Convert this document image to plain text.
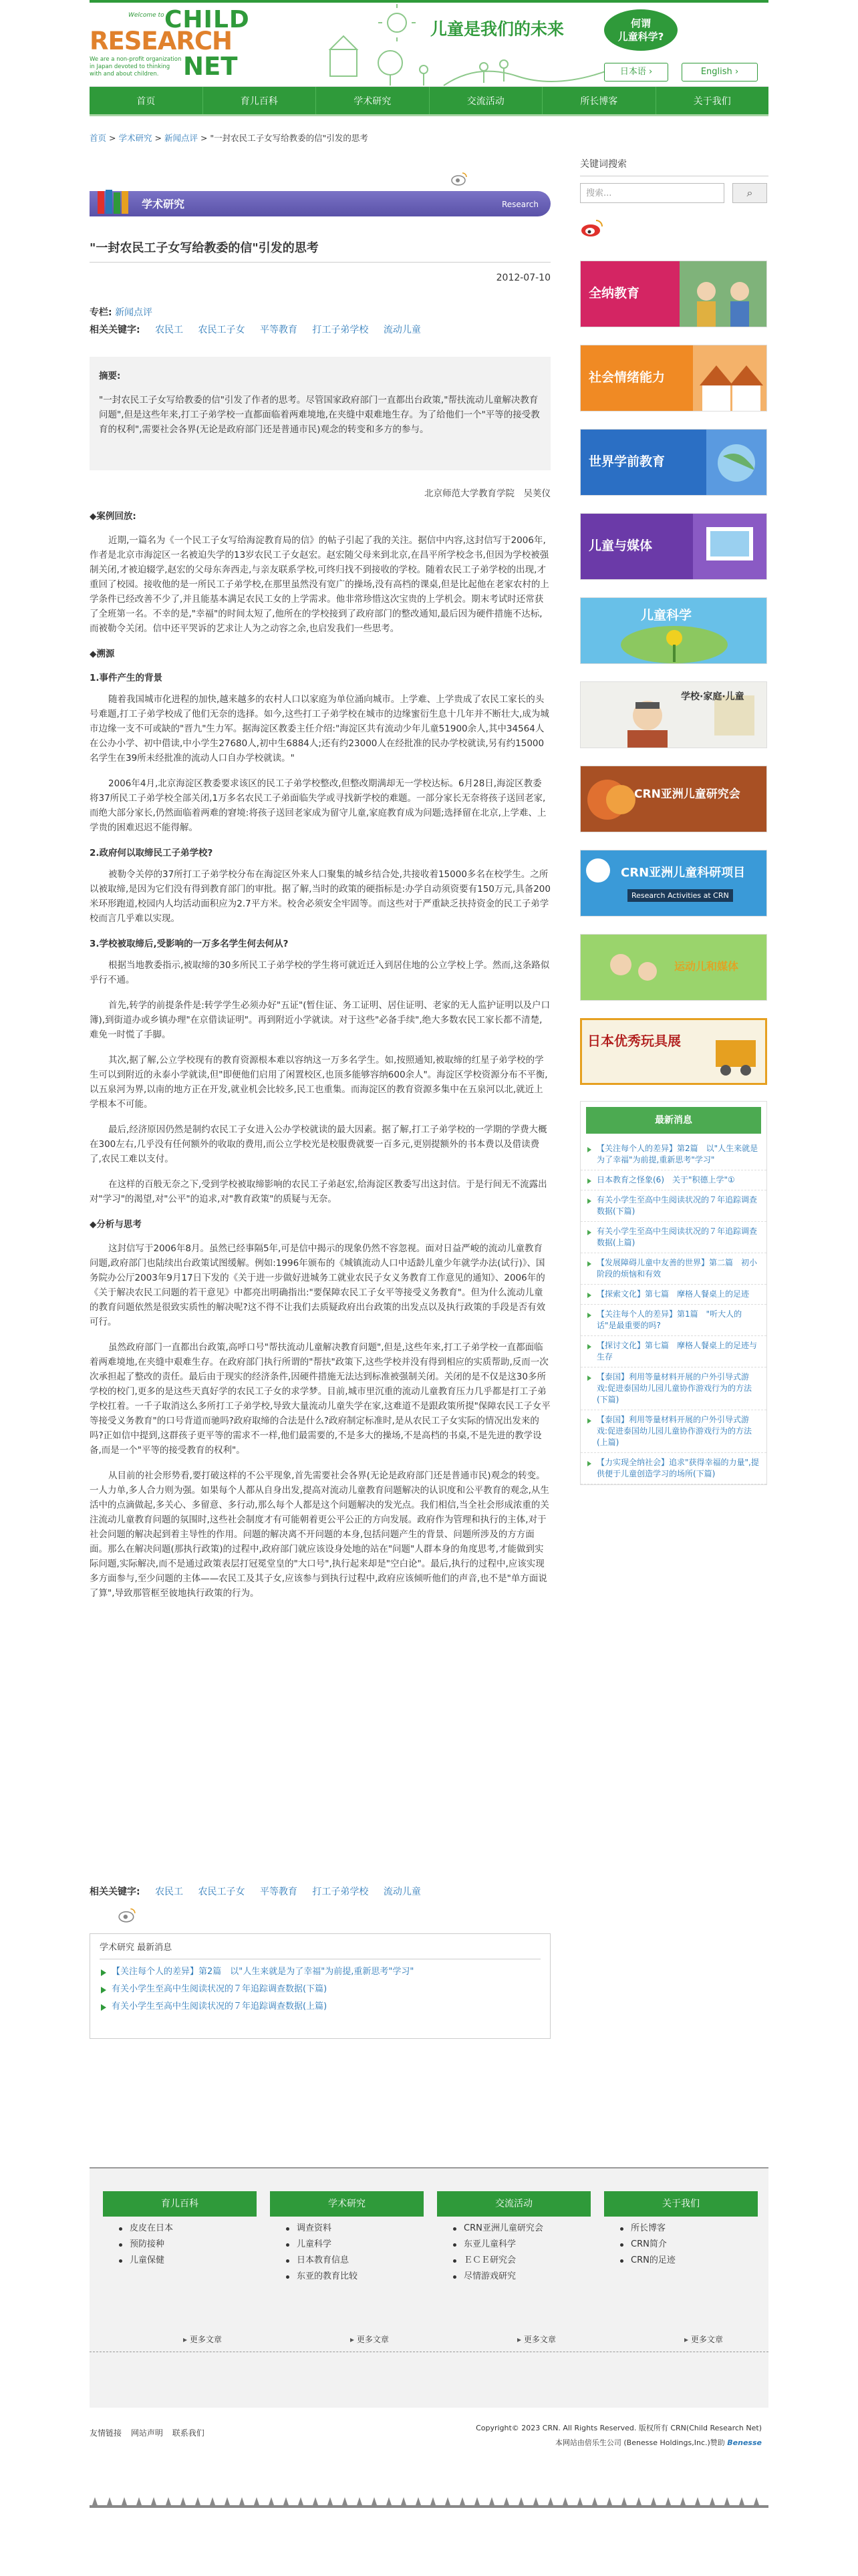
Welcome to CHILD
RESEARCH
NET
We are a non-profit organization in Japan devoted to thinking with and about children.
儿童是我们的未来	何谓
儿童科学?
日本语 ›	English ›
首页	育儿百科	学术研究	交流活动	所长博客	关于我们
首页 > 学术研究 > 新闻点评 > "一封农民工子女写给教委的信"引发的思考
学术研究	Research
"一封农民工子女写给教委的信"引发的思考
2012-07-10
专栏: 新闻点评
相关关键字: 农民工 农民工子女 平等教育 打工子弟学校 流动儿童
摘要:
"一封农民工子女写给教委的信"引发了作者的思考。尽管国家政府部门一直都出台政策,"帮扶流动儿童解决教育问题",但是这些年来,打工子弟学校一直都面临着两难境地,在夹缝中艰难地生存。为了给他们一个"平等的接受教育的权利",需要社会各界(无论是政府部门还是普通市民)观念的转变和多方的参与。
北京师范大学教育学院　吴荚仪

◆案例回放:

近期,一篇名为《一个民工子女写给海淀教育局的信》的帖子引起了我的关注。据信中内容,这封信写于2006年,作者是北京市海淀区一名被迫失学的13岁农民工子女赵宏。赵宏随父母来到北京,在昌平所学校念书,但因为学校被强制关闭,才被迫辍学,赵宏的父母东奔西走,与亲友联系学校,可终归找不到接收的学校。随着农民工子弟学校的出现,才重回了校园。接收他的是一所民工子弟学校,在那里虽然没有宽广的操场,没有高档的课桌,但是比起他在老家农村的上学条件已经改善不少了,并且能基本满足农民工女的上学需求。他非常珍惜这次宝贵的上学机会。期末考试时还常获了全班第一名。不幸的是,"幸福"的时间太短了,他所在的学校接到了政府部门的整改通知,最后因为硬件措施不达标,而被勒令关闭。信中还平哭诉的艺求让人为之动容之余,也启发我们一些思考。

◆溯源

1.事件产生的背景

随着我国城市化进程的加快,越来越多的农村人口以家庭为单位涌向城市。上学难、上学贵成了农民工家长的头号难题,打工子弟学校成了他们无奈的选择。如今,这些打工子弟学校在城市的边缘蜜衍生息十几年并不断壮大,成为城市边缘一支不可或缺的"晋九"生力军。据海淀区教委主任介绍:"海淀区共有流动少年儿童51900余人,其中34564人在公办小学、初中借读,中小学生27680人,初中生6884人;还有约23000人在经批准的民办学校就读,另有约15000名学生在39所未经批准的流动人口自办学校就读。"

2006年4月,北京海淀区教委要求该区的民工子弟学校整改,但整改期满却无一学校达标。6月28日,海淀区教委将37所民工子弟学校全部关闭,1万多名农民工子弟面临失学或寻找新学校的难题。一部分家长无奈将孩子送回老家,而绝大部分家长,仍然面临着两难的窘境:将孩子送回老家成为留守儿童,家庭教育成为问题;选择留在北京,上学难、上学贵的困难迟迟不能得解。

2.政府何以取缔民工子弟学校?

被勒令关停的37所打工子弟学校分布在海淀区外来人口聚集的城乡结合处,共接收着15000多名在校学生。之所以被取缔,是因为它们没有得到教育部门的审批。据了解,当时的政策的硬指标是:办学自动须资要有150万元,具备200米环形跑道,校园内人均活动面积应为2.7平方米。校舍必须安全牢固等。而这些对于严重缺乏扶持资金的民工子弟学校而言几乎难以实现。

3.学校被取缔后,受影响的一万多名学生何去何从?

根据当地教委指示,被取缔的30多所民工子弟学校的学生将可就近迁入到居住地的公立学校上学。然而,这条路似乎行不通。

首先,转学的前提条件是:转学学生必须办好"五证"(暂住证、务工证明、居住证明、老家的无人监护证明以及户口簿),到街道办或乡镇办理"在京借读证明"。再到附近小学就读。对于这些"必备手续",绝大多数农民工家长都不清楚,难免一时慌了手脚。

其次,据了解,公立学校现有的教育资源根本难以容纳这一万多名学生。如,按照通知,被取缔的红星子弟学校的学生可以到附近的永泰小学就读,但"即便他们启用了闲置校区,也顶多能够容纳600余人"。海淀区学校资源分布不平衡,以五泉河为界,以南的地方正在开发,就业机会比较多,民工也重集。而海淀区的教育资源多集中在五泉河以北,就近上学根本不可能。

最后,经济原因仍然是制约农民工子女进入公办学校就读的最大因素。据了解,打工子弟学校的一学期的学费大概在300左右,几乎没有任何额外的收取的费用,而公立学校光是校服费就要一百多元,更别提额外的书本费以及借读费了,农民工难以支付。

在这样的百般无奈之下,受到学校被取缔影响的农民工子弟赵宏,给海淀区教委写出这封信。于是行间无不流露出对"学习"的渴望,对"公平"的追求,对"教育政策"的质疑与无奈。

◆分析与思考

这封信写于2006年8月。虽然已经事隔5年,可是信中揭示的现象仍然不容忽视。面对日益严峻的流动儿童教育问题,政府部门也陆续出台政策试图缓解。例如:1996年颁布的《城镇流动人口中适龄儿童少年就学办法(试行)》、国务院办公厅2003年9月17日下发的《关于进一步做好进城务工就业农民子女义务教育工作意见的通知》、2006年的《关于解决农民工问题的若干意见》中都亮出明确指出:"要保障农民工子女平等接受义务教育"。但为什么流动儿童的教育问题依然是很致实质性的解决呢?这不得不让我们去质疑政府出台政策的出发点以及执行政策的手段是否有效可行。

虽然政府部门一直都出台政策,高呼口号"帮扶流动儿童解决教育问题",但是,这些年来,打工子弟学校一直都面临着两难境地,在夹缝中艰难生存。在政府部门执行所谓的"帮扶"政策下,这些学校并没有得到相应的实质帮助,反而一次次承担起了整改的责任。最后由于现实的经济条件,因硬件措施无法达到标准被强制关闭。关闭的是不仅是这30多所学校的校门,更多的是这些天真好学的农民工子女的求学梦。目前,城市里沉重的流动儿童教育压力几乎都是打工子弟学校扛着。一千子取消这么多所打工子弟学校,导致大量流动儿童失学在家,这难道不是跟政策所提"保障农民工子女平等接受义务教育"的口号背道而驰吗?政府取缔的合法是什么?政府制定标准时,是从农民工子女实际的情况出发来的吗?正如信中提到,这群孩子更平等的需求不一样,他们最需要的,不是多大的操场,不是高档的书桌,不是先进的教学设备,而是一个"平等的接受教育的权利"。

从目前的社会形势看,要打破这样的不公平现象,首先需要社会各界(无论是政府部门还是普通市民)观念的转变。一人力单,多人合力则为强。如果每个人都从自身出发,提高对流动儿童教育问题解决的认识度和公平教育的观念,从生活中的点滴做起,多关心、多留意、多行动,那么每个人都是这个问题解决的发光点。我们相信,当全社会形成浓重的关注流动儿童教育问题的氛围时,这些社会制度才有可能朝着更公平公正的方向发展。政府作为管理和执行的主体,对于社会问题的解决起到着主导性的作用。问题的解决离不开问题的本身,包括问题产生的背景、问题所涉及的方方面面。那么在解决问题(那执行政策)的过程中,政府部门就应该设身处地的站在"问题"人群本身的角度思考,才能做到实际问题,实际解决,而不是通过政策表层打冠冕堂皇的"大口号",执行起来却是"空白论"。最后,执行的过程中,应该实现多方面参与,至少问题的主体——农民工及其子女,应该参与到执行过程中,政府应该倾听他们的声音,也不是"单方面说了算",导致那管框至彼地执行政策的行为。

相关关键字: 农民工 农民工子女 平等教育 打工子弟学校 流动儿童
学术研究 最新消息
【关注每个人的差异】第2篇　以"人生来就是为了幸福"为前提,重新思考"学习"
有关小学生至高中生阅读状况的７年追踪调查数据(下篇)
有关小学生至高中生阅读状况的７年追踪调查数据(上篇)
关键词搜索
搜索...	⌕
全纳教育
社会情绪能力
世界学前教育
儿童与媒体
儿童科学
学校·家庭·儿童
CRN亚洲儿童研究会
CRN亚洲儿童科研项目
Research Activities at CRN
运动儿和媒体
日本优秀玩具展
最新消息
【关注每个人的差异】第2篇　以"人生来就是为了幸福"为前提,重新思考"学习"
日本教育之怪象(6)　关于"积德上学"①
有关小学生至高中生阅读状况的７年追踪调查数据(下篇)
有关小学生至高中生阅读状况的７年追踪调查数据(上篇)
【发展障碍儿童中友善的世界】第二篇　初小阶段的烦恼和有效
【探索文化】第七篇　摩格人餐桌上的足迹
【关注每个人的差异】第1篇　"听大人的话"是最重要的吗?
【探讨文化】第七篇　摩格人餐桌上的足迹与生存
【泰国】利用等量材料开展的户外引导式游戏:促进泰国幼儿园儿童协作游戏行为的方法(下篇)
【泰国】利用等量材料开展的户外引导式游戏:促进泰国幼儿园儿童协作游戏行为的方法(上篇)
【力实现全纳社会】追求"获得幸福的力量",提供便于儿童创造学习的场所(下篇)
育儿百科
皮皮在日本
预防接种
儿童保健
▸ 更多文章
学术研究
调查资料
儿童科学
日本教育信息
东亚的教育比较
▸ 更多文章
交流活动
CRN亚洲儿童研究会
东亚儿童科学
ＥＣＥ研究会
尽情游戏研究
▸ 更多文章
关于我们
所长博客
CRN简介
CRN的足迹
▸ 更多文章
友情链接 网站声明 联系我们
Copyright© 2023 CRN. All Rights Reserved. 版权所有 CRN(Child Research Net)
本网站由倍乐生公司 (Benesse Holdings,Inc.)赞助 Benesse
